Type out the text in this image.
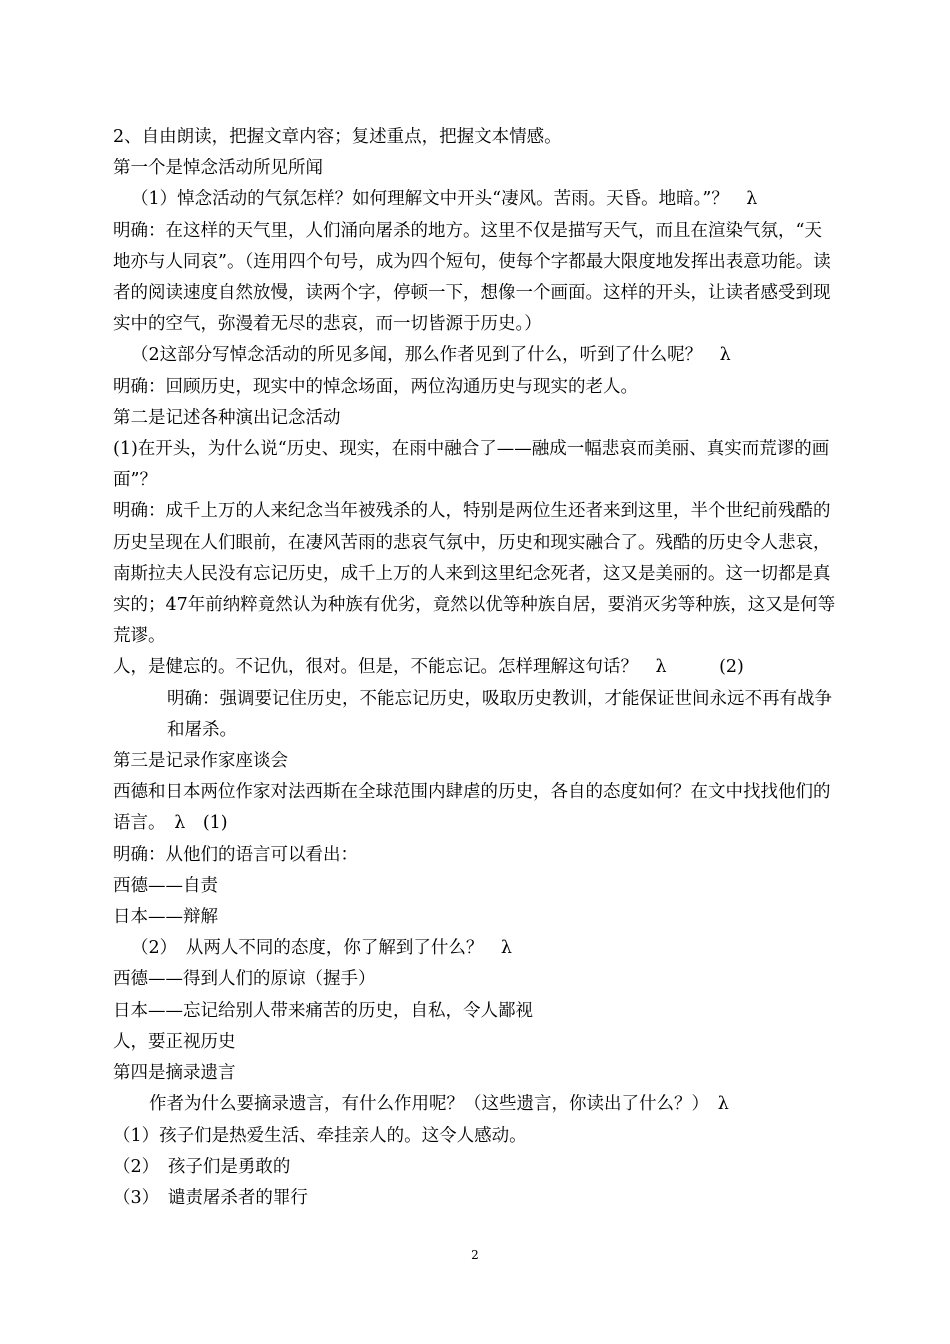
2、自由朗读，把握文章内容；复述重点，把握文本情感。

第一个是悼念活动所见所闻

（1）悼念活动的气氛怎样？如何理解文中开头“凄风。苦雨。天昏。地暗。”？　λ

明确：在这样的天气里，人们涌向屠杀的地方。这里不仅是描写天气，而且在渲染气氛，“天地亦与人同哀”。（连用四个句号，成为四个短句，使每个字都最大限度地发挥出表意功能。读者的阅读速度自然放慢，读两个字，停顿一下，想像一个画面。这样的开头，让读者感受到现实中的空气，弥漫着无尽的悲哀，而一切皆源于历史。）

（2这部分写悼念活动的所见多闻，那么作者见到了什么，听到了什么呢？　λ

明确：回顾历史，现实中的悼念场面，两位沟通历史与现实的老人。

第二是记述各种演出记念活动

(1)在开头，为什么说“历史、现实，在雨中融合了——融成一幅悲哀而美丽、真实而荒谬的画面”？

明确：成千上万的人来纪念当年被残杀的人，特别是两位生还者来到这里，半个世纪前残酷的历史呈现在人们眼前，在凄风苦雨的悲哀气氛中，历史和现实融合了。残酷的历史令人悲哀，南斯拉夫人民没有忘记历史，成千上万的人来到这里纪念死者，这又是美丽的。这一切都是真实的；47年前纳粹竟然认为种族有优劣，竟然以优等种族自居，要消灭劣等种族，这又是何等荒谬。

人，是健忘的。不记仇，很对。但是，不能忘记。怎样理解这句话？　λ　　　(2)

明确：强调要记住历史，不能忘记历史，吸取历史教训，才能保证世间永远不再有战争和屠杀。

第三是记录作家座谈会

西德和日本两位作家对法西斯在全球范围内肆虐的历史，各自的态度如何？在文中找找他们的语言。　λ　(1)

明确：从他们的语言可以看出：

西德——自责

日本——辩解

（2）　从两人不同的态度，你了解到了什么？　λ

西德——得到人们的原谅（握手）

日本——忘记给别人带来痛苦的历史，自私，令人鄙视

人，要正视历史

第四是摘录遗言

作者为什么要摘录遗言，有什么作用呢？（这些遗言，你读出了什么？）　λ

（1）孩子们是热爱生活、牵挂亲人的。这令人感动。

（2）　孩子们是勇敢的

（3）　谴责屠杀者的罪行

2
